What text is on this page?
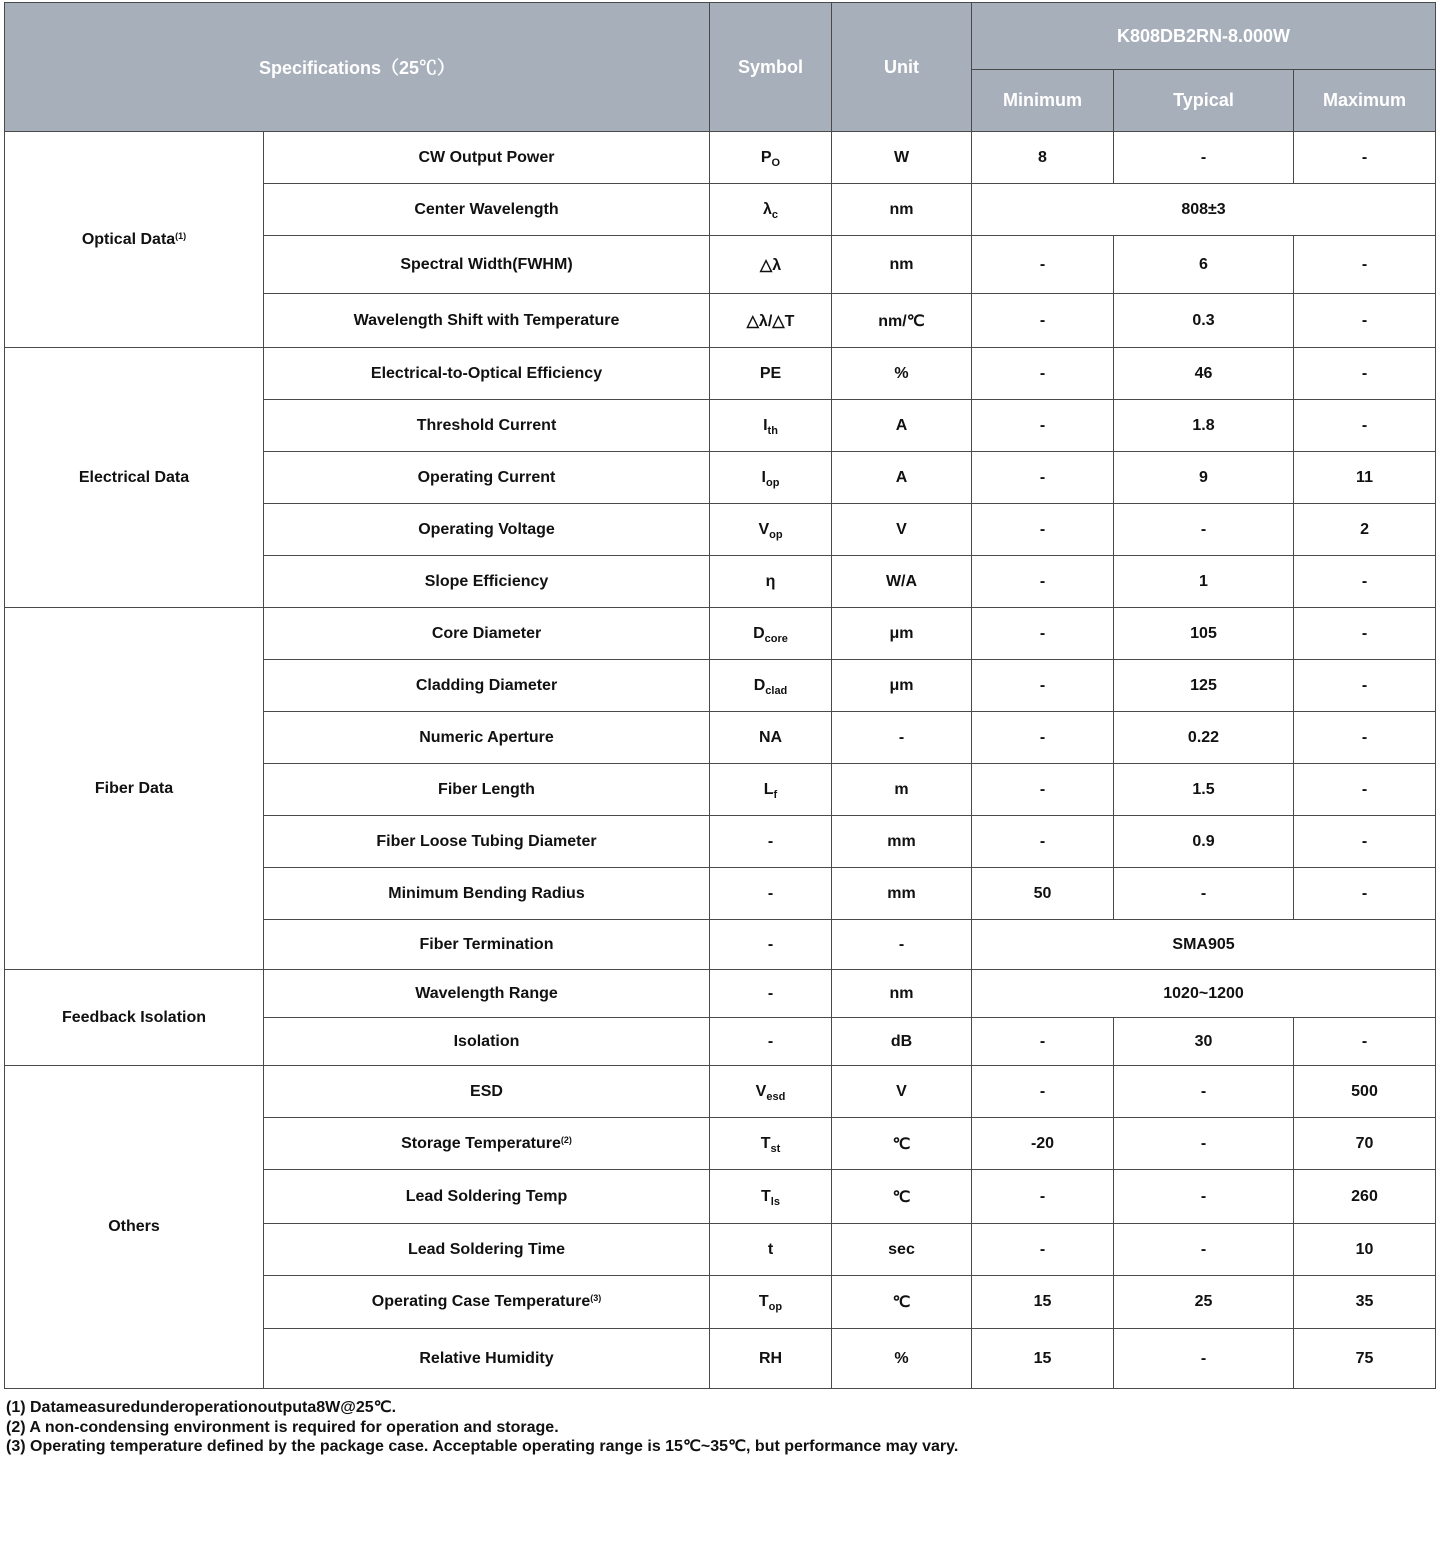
Specifications（25℃）		Symbol	Unit	K808DB2RN-8.000W		
				Minimum	Typical	Maximum
Optical Data$^{(1)}$	CW Output Power	$P_O$	W	8	-	-
	Center Wavelength	$\lambda_c$	nm	808±3		
	Spectral Width(FWHM)	△λ	nm	-	6	-
	Wavelength Shift with Temperature	△λ/△T	nm/℃	-	0.3	-
Electrical Data	Electrical-to-Optical Efficiency	PE	%	-	46	-
	Threshold Current	$I_{th}$	A	-	1.8	-
	Operating Current	$I_{op}$	A	-	9	11
	Operating Voltage	$V_{op}$	V	-	-	2
	Slope Efficiency	η	W/A	-	1	-
Fiber Data	Core Diameter	$D_{core}$	μm	-	105	-
	Cladding Diameter	$D_{clad}$	μm	-	125	-
	Numeric Aperture	NA	-	-	0.22	-
	Fiber Length	$L_f$	m	-	1.5	-
	Fiber Loose Tubing Diameter	-	mm	-	0.9	-
	Minimum Bending Radius	-	mm	50	-	-
	Fiber Termination	-	-	SMA905		
Feedback Isolation	Wavelength Range	-	nm	1020~1200		
	Isolation	-	dB	-	30	-
Others	ESD	$V_{esd}$	V	-	-	500
	Storage Temperature$^{(2)}$	$T_{st}$	℃	-20	-	70
	Lead Soldering Temp	$T_{ls}$	℃	-	-	260
	Lead Soldering Time	t	sec	-	-	10
	Operating Case Temperature$^{(3)}$	$T_{op}$	℃	15	25	35
	Relative Humidity	RH	%	15	-	75
(1) Datameasuredunderoperationoutputa8W@25℃.
(2) A non-condensing environment is required for operation and storage.
(3) Operating temperature defined by the package case. Acceptable operating range is 15℃~35℃, but performance may vary.
